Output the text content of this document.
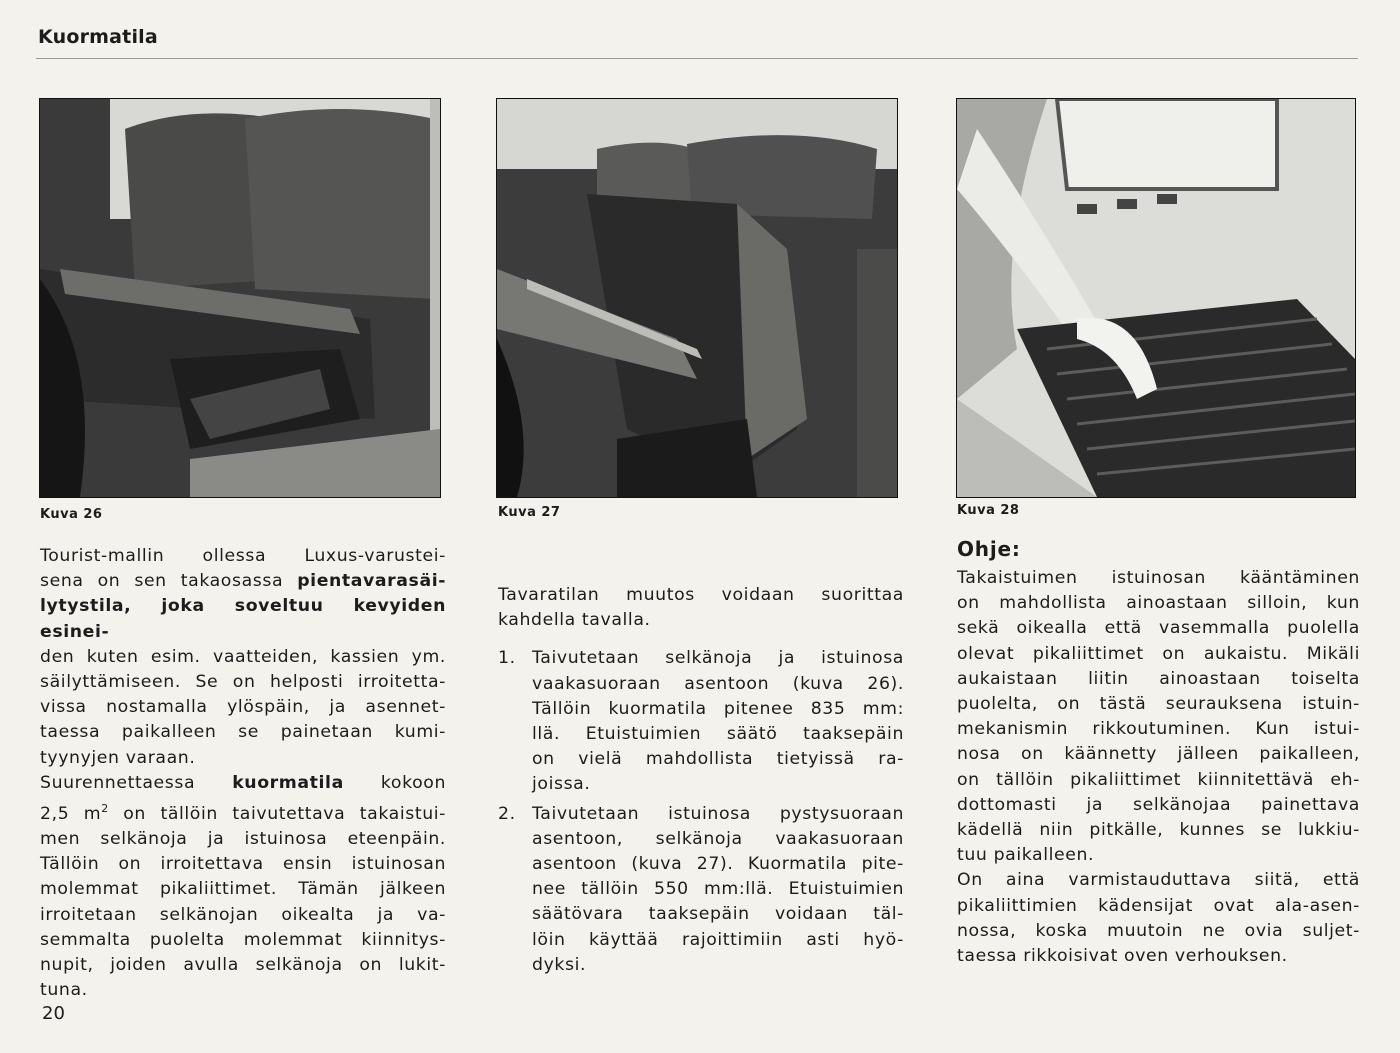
Kuormatila
Kuva 26	Kuva 27	Kuva 28
Tourist-mallin ollessa Luxus-varustei-
sena on sen takaosassa pientavarasäi-
lytystila, joka soveltuu kevyiden esinei-
den kuten esim. vaatteiden, kassien ym.
säilyttämiseen. Se on helposti irroitetta-
vissa nostamalla ylöspäin, ja asennet-
taessa paikalleen se painetaan kumi-
tyynyjen varaan.
Suurennettaessa kuormatila kokoon
2,5 $m^2$ on tällöin taivutettava takaistui-
men selkänoja ja istuinosa eteenpäin.
Tällöin on irroitettava ensin istuinosan
molemmat pikaliittimet. Tämän jälkeen
irroitetaan selkänojan oikealta ja va-
semmalta puolelta molemmat kiinnitys-
nupit, joiden avulla selkänoja on lukit-
tuna.
Tavaratilan muutos voidaan suorittaa
kahdella tavalla.
1. Taivutetaan selkänoja ja istuinosa
vaakasuoraan asentoon (kuva 26).
Tällöin kuormatila pitenee 835 mm:
llä. Etuistuimien säätö taaksepäin
on vielä mahdollista tietyissä ra-
joissa.
2. Taivutetaan istuinosa pystysuoraan
asentoon, selkänoja vaakasuoraan
asentoon (kuva 27). Kuormatila pite-
nee tällöin 550 mm:llä. Etuistuimien
säätövara taaksepäin voidaan täl-
löin käyttää rajoittimiin asti hyö-
dyksi.
Ohje:
Takaistuimen istuinosan kääntäminen
on mahdollista ainoastaan silloin, kun
sekä oikealla että vasemmalla puolella
olevat pikaliittimet on aukaistu. Mikäli
aukaistaan liitin ainoastaan toiselta
puolelta, on tästä seurauksena istuin-
mekanismin rikkoutuminen. Kun istui-
nosa on käännetty jälleen paikalleen,
on tällöin pikaliittimet kiinnitettävä eh-
dottomasti ja selkänojaa painettava
kädellä niin pitkälle, kunnes se lukkiu-
tuu paikalleen.
On aina varmistauduttava siitä, että
pikaliittimien kädensijat ovat ala-asen-
nossa, koska muutoin ne ovia suljet-
taessa rikkoisivat oven verhouksen.
20
